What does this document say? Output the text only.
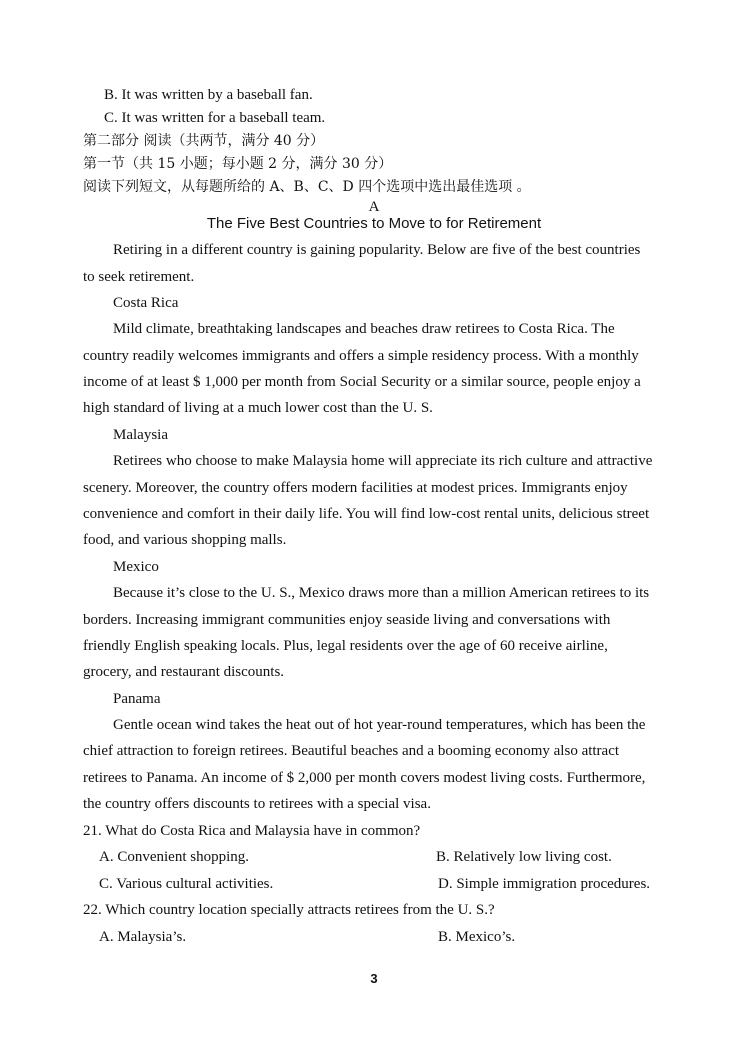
B. It was written by a baseball fan.
C. It was written for a baseball team.
第二部分 阅读（共两节，满分 40 分）
第一节（共 15 小题；每小题 2 分，满分 30 分）
阅读下列短文，从每题所给的 A、B、C、D 四个选项中选出最佳选项 。
A
The Five Best Countries to Move to for Retirement
Retiring in a different country is gaining popularity. Below are five of the best countries
to seek retirement.
Costa Rica
Mild climate, breathtaking landscapes and beaches draw retirees to Costa Rica. The
country readily welcomes immigrants and offers a simple residency process. With a monthly
income of at least $ 1,000 per month from Social Security or a similar source, people enjoy a
high standard of living at a much lower cost than the U. S.
Malaysia
Retirees who choose to make Malaysia home will appreciate its rich culture and attractive
scenery. Moreover, the country offers modern facilities at modest prices. Immigrants enjoy
convenience and comfort in their daily life. You will find low-cost rental units, delicious street
food, and various shopping malls.
Mexico
Because it’s close to the U. S., Mexico draws more than a million American retirees to its
borders. Increasing immigrant communities enjoy seaside living and conversations with
friendly English speaking locals. Plus, legal residents over the age of 60 receive airline,
grocery, and restaurant discounts.
Panama
Gentle ocean wind takes the heat out of hot year-round temperatures, which has been the
chief attraction to foreign retirees. Beautiful beaches and a booming economy also attract
retirees to Panama. An income of $ 2,000 per month covers modest living costs. Furthermore,
the country offers discounts to retirees with a special visa.
21. What do Costa Rica and Malaysia have in common?
A. Convenient shopping.	B. Relatively low living cost.
C. Various cultural activities.	D. Simple immigration procedures.
22. Which country location specially attracts retirees from the U. S.?
A. Malaysia’s.	B. Mexico’s.
3
